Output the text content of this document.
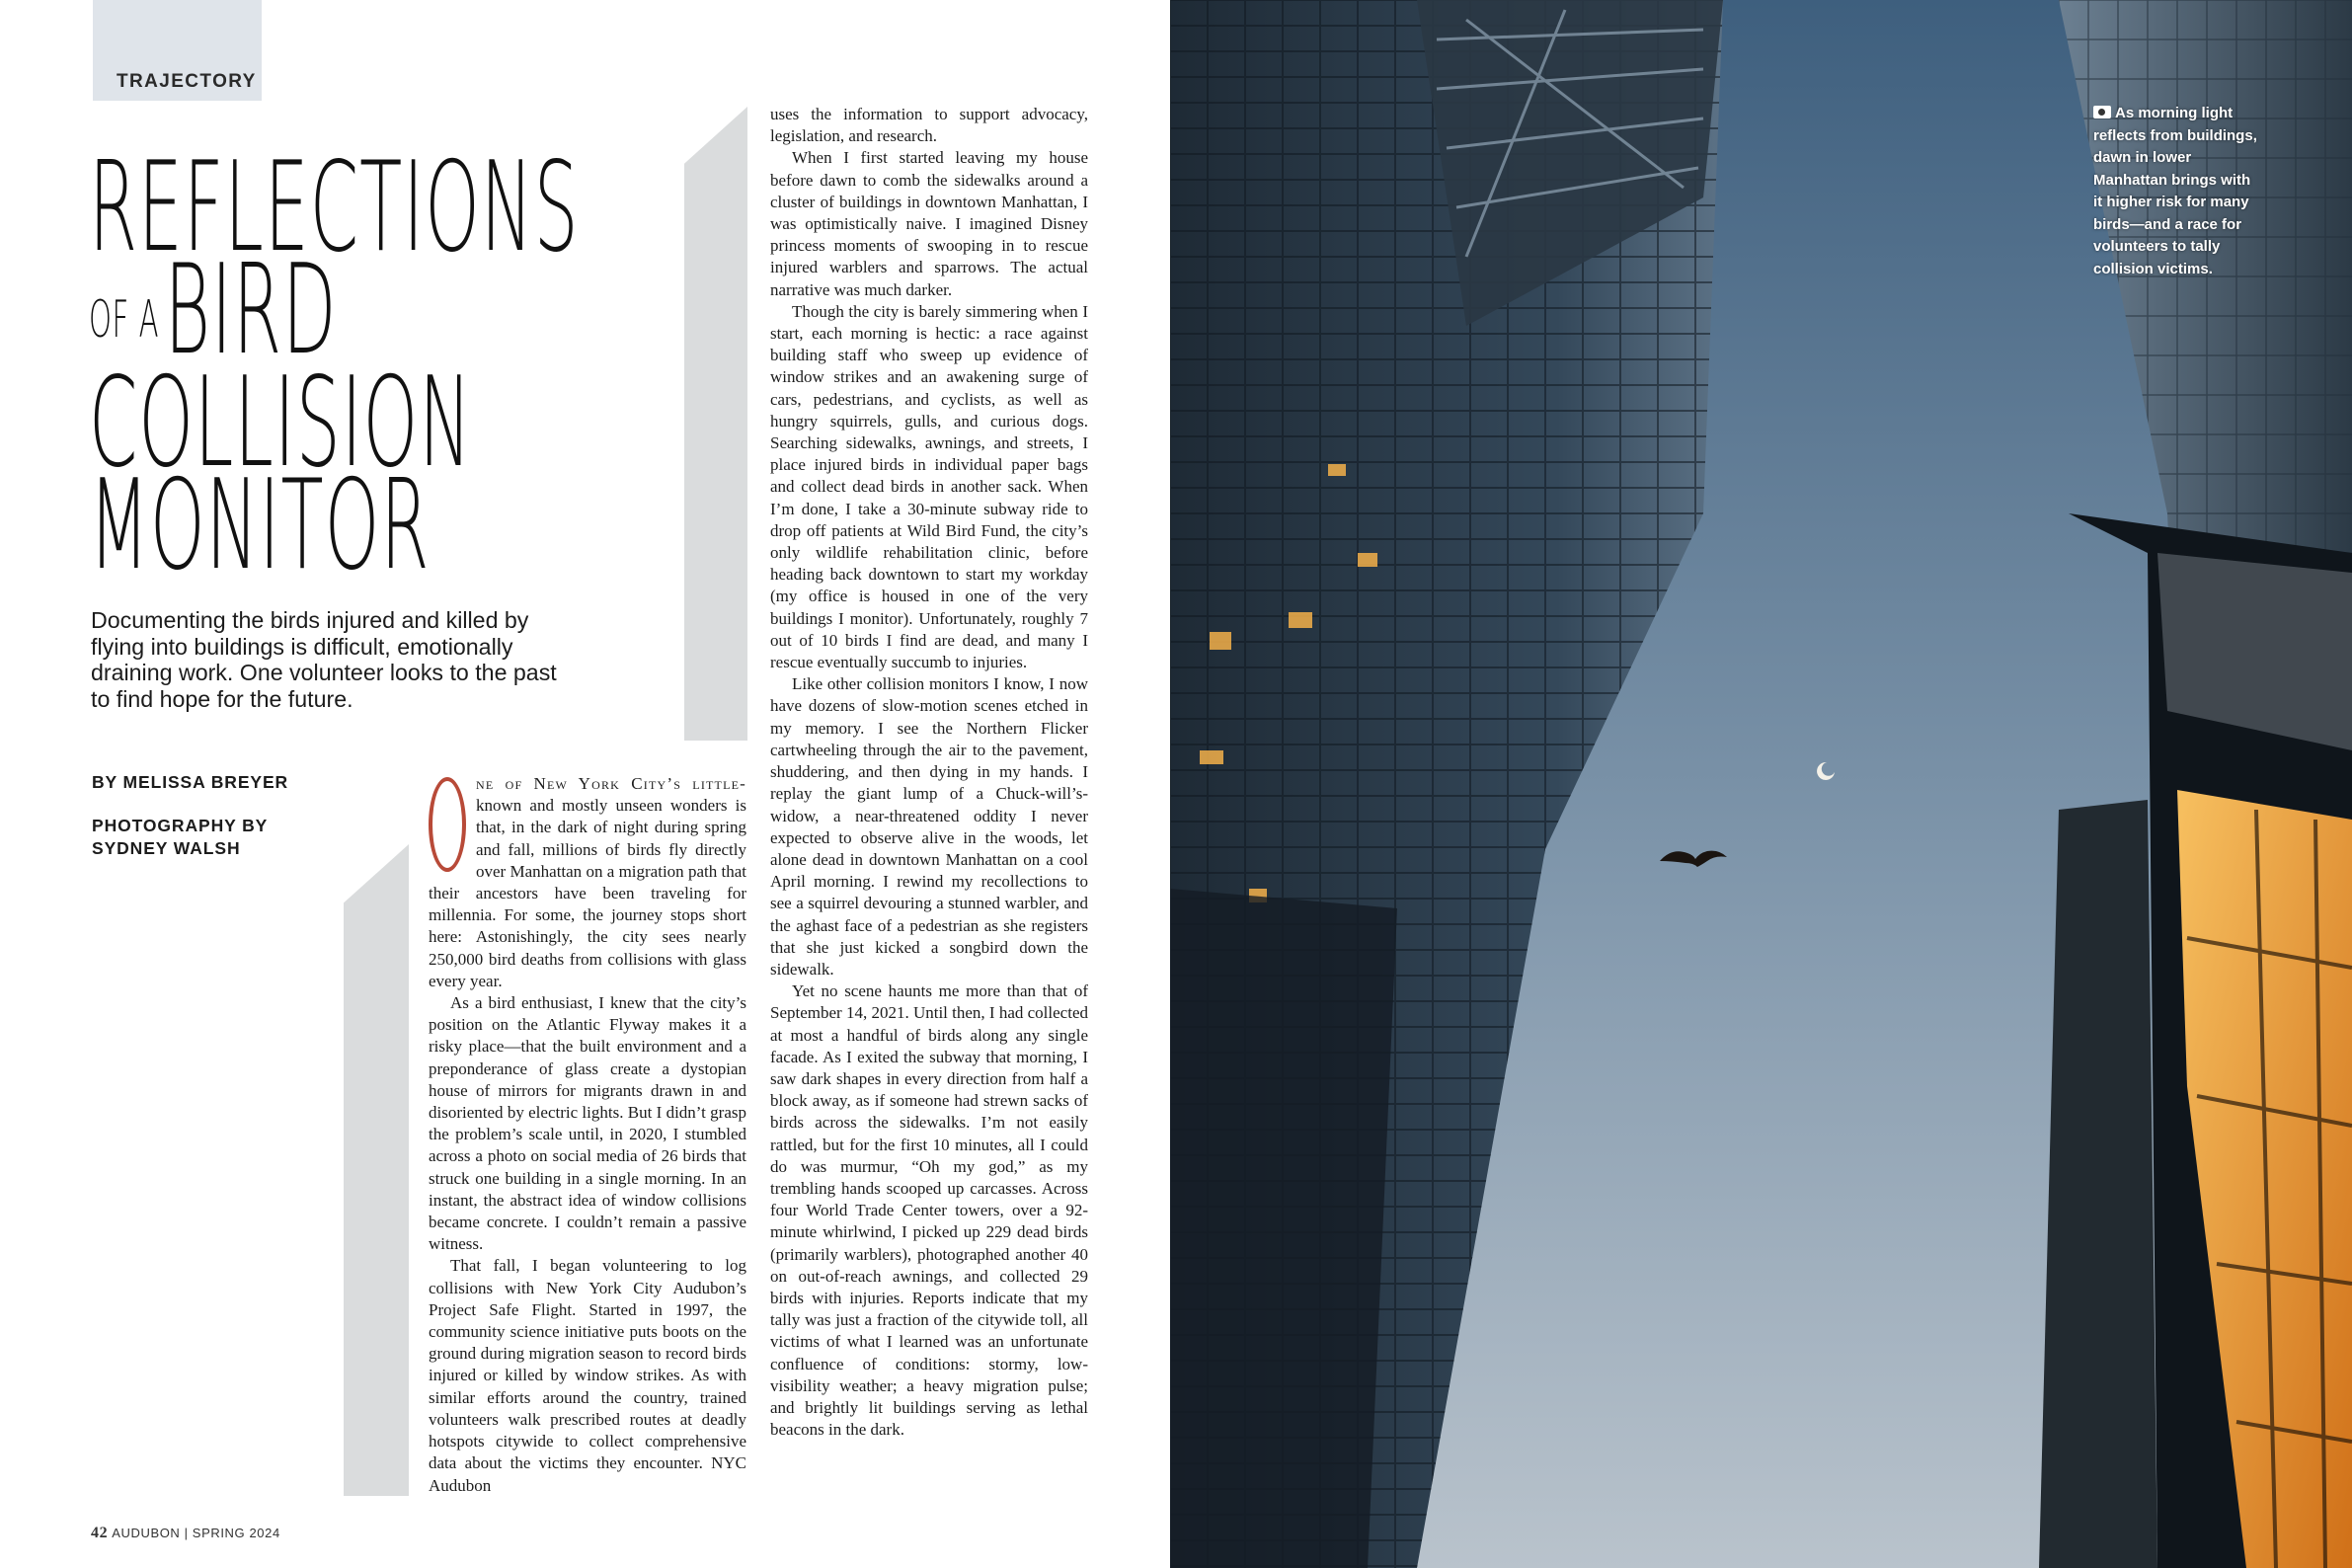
TRAJECTORY
REFLECTIONS
OF ABIRD
COLLISION
MONITOR

Documenting the birds injured and killed by flying into buildings is difficult, emotionally draining work. One volunteer looks to the past to find hope for the future.

BY MELISSA BREYER
PHOTOGRAPHY BY
SYDNEY WALSH

ne of New York City’s little- known and mostly unseen wonders is that, in the dark of night during spring and fall, millions of birds fly directly over Manhattan on a migration path that their ancestors have been traveling for millennia. For some, the journey stops short here: Astonishingly, the city sees nearly 250,000 bird deaths from collisions with glass every year.

As a bird enthusiast, I knew that the city’s position on the Atlantic Flyway makes it a risky place—that the built environment and a preponderance of glass create a dystopian house of mirrors for migrants drawn in and disoriented by electric lights. But I didn’t grasp the problem’s scale until, in 2020, I stumbled across a photo on social media of 26 birds that struck one building in a single morning. In an instant, the abstract idea of window collisions became concrete. I couldn’t remain a passive witness.

That fall, I began volunteering to log collisions with New York City Audubon’s Project Safe Flight. Started in 1997, the community science initiative puts boots on the ground during migration season to record birds injured or killed by window strikes. As with similar efforts around the country, trained volunteers walk prescribed routes at deadly hotspots citywide to collect comprehensive data about the victims they encounter. NYC Audubon

uses the information to support advocacy, legislation, and research.

When I first started leaving my house before dawn to comb the sidewalks around a cluster of buildings in downtown Manhattan, I was optimistically naive. I imagined Disney princess moments of swooping in to rescue injured warblers and sparrows. The actual narrative was much darker.

Though the city is barely simmering when I start, each morning is hectic: a race against building staff who sweep up evidence of window strikes and an awakening surge of cars, pedestrians, and cyclists, as well as hungry squirrels, gulls, and curious dogs. Searching sidewalks, awnings, and streets, I place injured birds in individual paper bags and collect dead birds in another sack. When I’m done, I take a 30-minute subway ride to drop off patients at Wild Bird Fund, the city’s only wildlife rehabilitation clinic, before heading back downtown to start my workday (my office is housed in one of the very buildings I monitor). Unfortunately, roughly 7 out of 10 birds I find are dead, and many I rescue eventually succumb to injuries.

Like other collision monitors I know, I now have dozens of slow-motion scenes etched in my memory. I see the Northern Flicker cartwheeling through the air to the pavement, shuddering, and then dying in my hands. I replay the giant lump of a Chuck-will’s-widow, a near-threatened oddity I never expected to observe alive in the woods, let alone dead in downtown Manhattan on a cool April morning. I rewind my recollections to see a squirrel devouring a stunned warbler, and the aghast face of a pedestrian as she registers that she just kicked a songbird down the sidewalk.

Yet no scene haunts me more than that of September 14, 2021. Until then, I had collected at most a handful of birds along any single facade. As I exited the subway that morning, I saw dark shapes in every direction from half a block away, as if someone had strewn sacks of birds across the sidewalks. I’m not easily rattled, but for the first 10 minutes, all I could do was murmur, “Oh my god,” as my trembling hands scooped up carcasses. Across four World Trade Center towers, over a 92-minute whirlwind, I picked up 229 dead birds (primarily warblers), photographed another 40 on out-of-reach awnings, and collected 29 birds with injuries. Reports indicate that my tally was just a fraction of the citywide toll, all victims of what I learned was an unfortunate confluence of conditions: stormy, low-visibility weather; a heavy migration pulse; and brightly lit buildings serving as lethal beacons in the dark.

42 AUDUBON | SPRING 2024
As morning light reflects from buildings, dawn in lower Manhattan brings with it higher risk for many birds—and a race for volunteers to tally collision victims.
